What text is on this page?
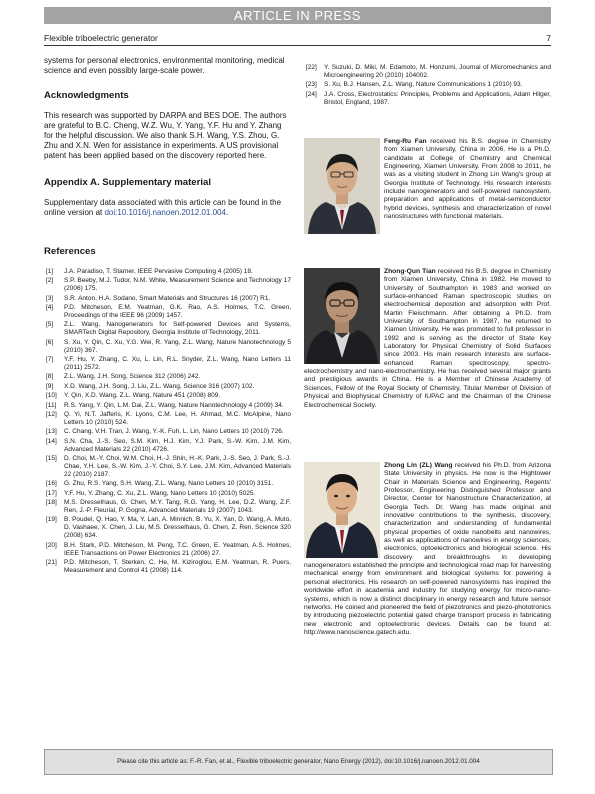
ARTICLE IN PRESS
Flexible triboelectric generator	7

systems for personal electronics, environmental monitoring, medical science and even possibly large-scale power.

Acknowledgments

This research was supported by DARPA and BES DOE. The authors are grateful to B.C. Cheng, W.Z. Wu, Y. Yang, Y.F. Hu and Y. Zhang for the helpful discussion. We also thank S.H. Wang, Y.S. Zhou, G. Zhu and X.N. Wen for assistance in experiments. A US provisional patent has been applied based on the discovery reported here.

Appendix A. Supplementary material

Supplementary data associated with this article can be found in the online version at doi:10.1016/j.nanoen.2012.01.004.

References

[1] J.A. Paradiso, T. Starner, IEEE Pervasive Computing 4 (2005) 18.
[2] S.P. Beeby, M.J. Tudor, N.M. White, Measurement Science and Technology 17 (2006) 175.
[3] S.R. Anton, H.A. Sodano, Smart Materials and Structures 16 (2007) R1.
[4] P.D. Mitcheson, E.M. Yeatman, G.K. Rao, A.S. Holmes, T.C. Green, Proceedings of the IEEE 96 (2009) 1457.
[5] Z.L. Wang, Nanogenerators for Self-powered Devices and Systems, SMARTech Digital Repository, Georgia Institute of Technology, 2011.
[6] S. Xu, Y. Qin, C. Xu, Y.G. Wei, R. Yang, Z.L. Wang, Nature Nanotechnology 5 (2010) 367.
[7] Y.F. Hu, Y. Zhang, C. Xu, L. Lin, R.L. Snyder, Z.L. Wang, Nano Letters 11 (2011) 2572.
[8] Z.L. Wang, J.H. Song, Science 312 (2006) 242.
[9] X.D. Wang, J.H. Song, J. Liu, Z.L. Wang, Science 316 (2007) 102.
[10] Y. Qin, X.D. Wang, Z.L. Wang, Nature 451 (2008) 809.
[11] R.S. Yang, Y. Qin, L.M. Dai, Z.L. Wang, Nature Nanotechnology 4 (2009) 34.
[12] Q. Yi, N.T. Jafferis, K. Lyons, C.M. Lee, H. Ahmad, M.C. McAlpine, Nano Letters 10 (2010) 524.
[13] C. Chang, V.H. Tran, J. Wang, Y.-K. Fuh, L. Lin, Nano Letters 10 (2010) 726.
[14] S.N. Cha, J.-S. Seo, S.M. Kim, H.J. Kim, Y.J. Park, S.-W. Kim, J.M. Kim, Advanced Materials 22 (2010) 4726.
[15] D. Choi, M.-Y. Choi, W.M. Choi, H.-J. Shin, H.-K. Park, J.-S. Seo, J. Park, S.-J. Chae, Y.H. Lee, S.-W. Kim, J.-Y. Choi, S.Y. Lee, J.M. Kim, Advanced Materials 22 (2010) 2187.
[16] G. Zhu, R.S. Yang, S.H. Wang, Z.L. Wang, Nano Letters 10 (2010) 3151.
[17] Y.F. Hu, Y. Zhang, C. Xu, Z.L. Wang, Nano Letters 10 (2010) 5025.
[18] M.S. Dresselhaus, G. Chen, M.Y. Tang, R.G. Yang, H. Lee, D.Z. Wang, Z.F. Ren, J.-P. Fleurial, P. Gogna, Advanced Materials 19 (2007) 1043.
[19] B. Poudel, Q. Hao, Y. Ma, Y. Lan, A. Minnich, B. Yu, X. Yan, D. Wang, A. Muto, D. Vashaee, X. Chen, J. Liu, M.S. Dresselhaus, G. Chen, Z. Ren, Science 320 (2008) 634.
[20] B.H. Stark, P.D. Mitcheson, M. Peng, T.C. Green, E. Yeatman, A.S. Holmes, IEEE Transactions on Power Electronics 21 (2006) 27.
[21] P.D. Mitcheson, T. Sterken, C. He, M. Kiziroglou, E.M. Yeatman, R. Puers, Measurement and Control 41 (2008) 114.
[22] Y. Suzuki, D. Miki, M. Edamoto, M. Honzumi, Journal of Micromechanics and Microengineering 20 (2010) 104002.
[23] S. Xu, B.J. Hansen, Z.L. Wang, Nature Communications 1 (2010) 93.
[24] J.A. Cross, Electrostatics: Principles, Problems and Applications, Adam Hilger, Bristol, England, 1987.
Feng-Ru Fan received his B.S. degree in Chemistry from Xiamen University, China in 2006. He is a Ph.D. candidate at College of Chemistry and Chemical Engineering, Xiamen University. From 2008 to 2011, he was as a visiting student in Zhong Lin Wang's group at Georgia Institute of Technology. His research interests include nanogenerators and self-powered nanosystem, preparation and applications of metal-semiconductor hybrid devices, synthesis and characterization of novel nanostructures with functional materials.
Zhong-Qun Tian received his B.S. degree in Chemistry from Xiamen University, China in 1982. He moved to University of Southampton in 1983 and worked on surface-enhanced Raman spectroscopic studies on electrochemical deposition and adsorption with Prof. Martin Fleischmann. After obtaining a Ph.D. from University of Southampton in 1987, he returned to Xiamen University. He was promoted to full professor in 1992 and is serving as the director of State Key Laboratory for Physical Chemistry of Solid Surfaces since 2003. His main research interests are surface-enhanced Raman spectroscopy, spectro-electrochemistry and nano-electrochemistry. He has received several major grants and prestigious awards in China. He is a Member of Chinese Academy of Sciences, Fellow of the Royal Society of Chemistry, Titular Member of Division of Physical and Biophysical Chemistry of IUPAC and the Chairman of the Chinese Electrochemical Society.
Zhong Lin (ZL) Wang received his Ph.D. from Arizona State University in physics. He now is the Hightower Chair in Materials Science and Engineering, Regents' Professor, Engineering Distinguished Professor and Director, Center for Nanostructure Characterization, at Georgia Tech. Dr. Wang has made original and innovative contributions to the synthesis, discovery, characterization and understanding of fundamental physical properties of oxide nanobelts and nanowires, as well as applications of nanowires in energy sciences, electronics, optoelectronics and biological science. His discovery and breakthroughs in developing nanogenerators established the principle and technological road map for harvesting mechanical energy from environment and biological systems for powering a personal electronics. His research on self-powered nanosystems has inspired the worldwide effort in academia and industry for studying energy for micro-nano-systems, which is now a distinct disciplinary in energy research and future sensor networks. He coined and pioneered the field of piezotronics and piezo-phototronics by introducing piezoelectric potential gated charge transport process in fabricating new electronic and optoelectronic devices. Details can be found at: http://www.nanoscience.gatech.edu.
Please cite this article as: F.-R. Fan, et al., Flexible triboelectric generator, Nano Energy (2012), doi:10.1016/j.nanoen.2012.01.004
